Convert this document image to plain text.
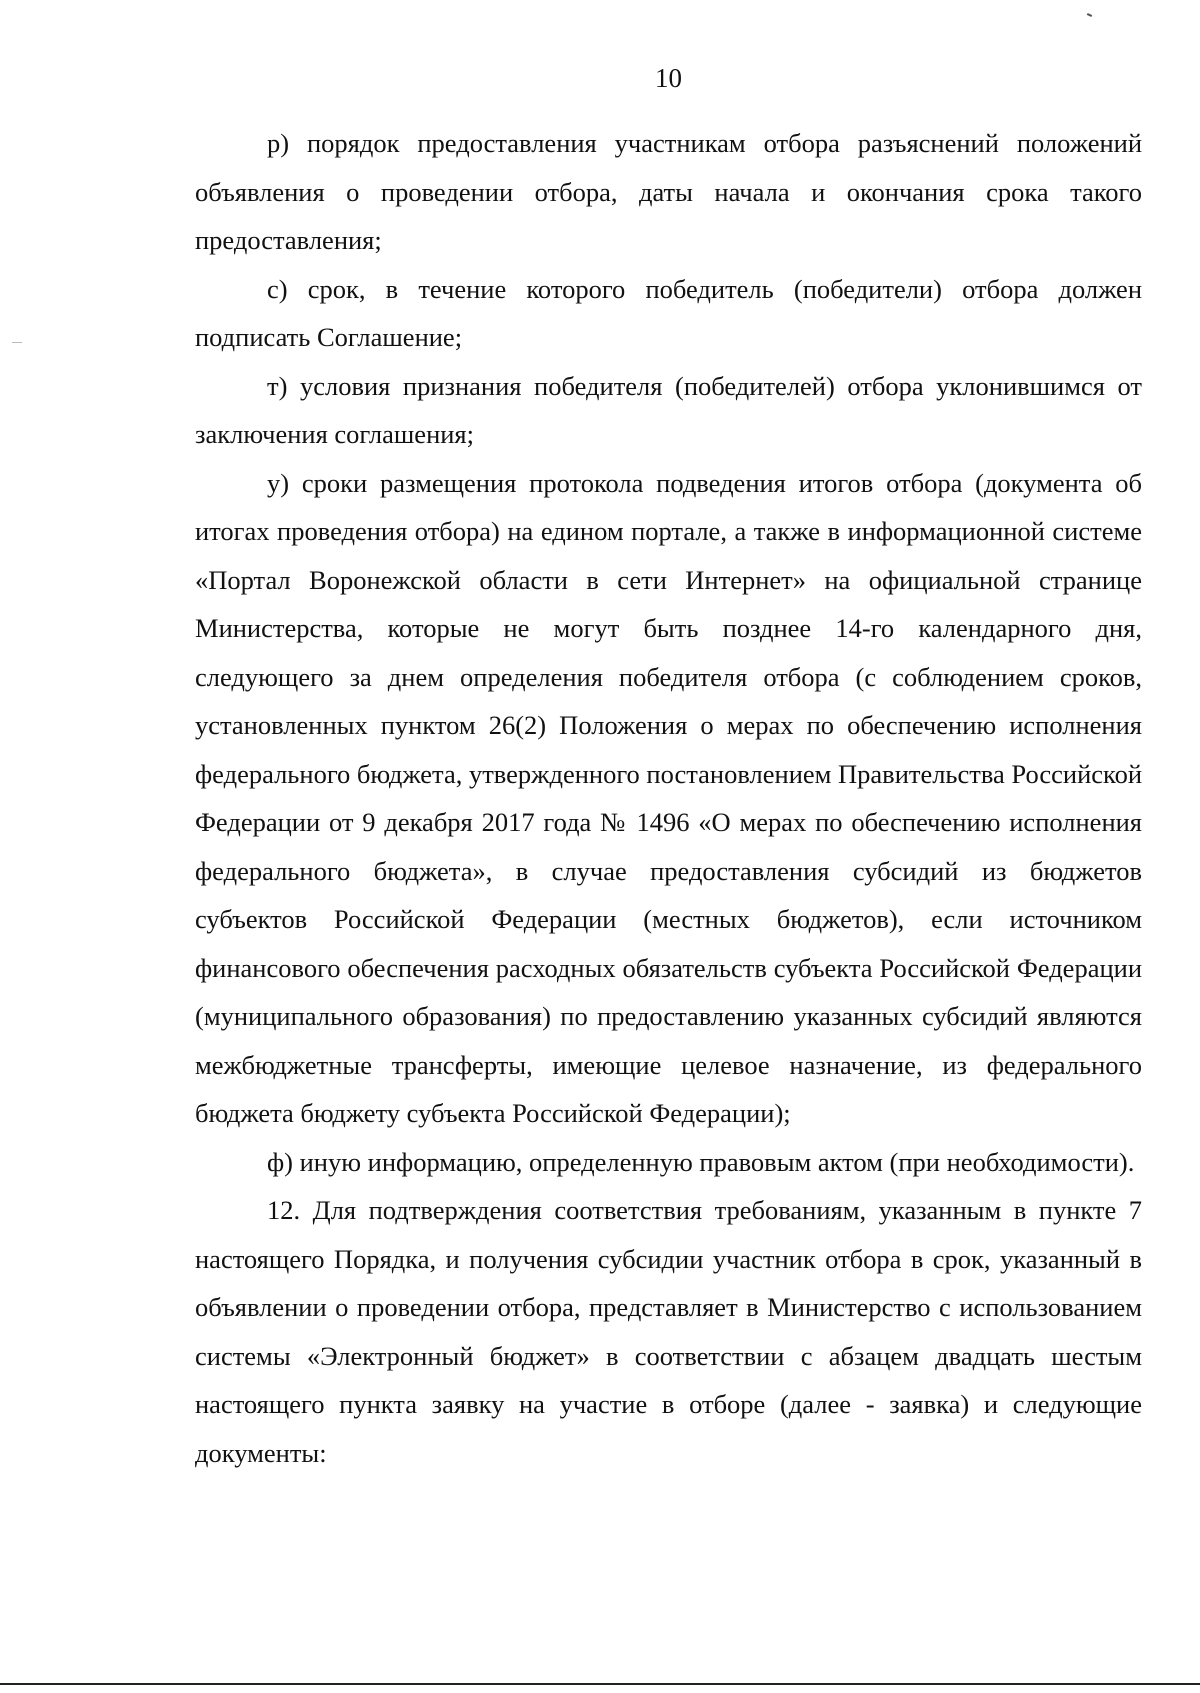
10

р) порядок предоставления участникам отбора разъяснений положений объявления о проведении отбора, даты начала и окончания срока такого предоставления;

с) срок, в течение которого победитель (победители) отбора должен подписать Соглашение;

т) условия признания победителя (победителей) отбора уклонившимся от заключения соглашения;

у) сроки размещения протокола подведения итогов отбора (документа об итогах проведения отбора) на едином портале, а также в информационной системе «Портал Воронежской области в сети Интернет» на официальной странице Министерства, которые не могут быть позднее 14-го календарного дня, следующего за днем определения победителя отбора (с соблюдением сроков, установленных пунктом 26(2) Положения о мерах по обеспечению исполнения федерального бюджета, утвержденного постановлением Правительства Российской Федерации от 9 декабря 2017 года № 1496 «О мерах по обеспечению исполнения федерального бюджета», в случае предоставления субсидий из бюджетов субъектов Российской Федерации (местных бюджетов), если источником финансового обеспечения расходных обязательств субъекта Российской Федерации (муниципального образования) по предоставлению указанных субсидий являются межбюджетные трансферты, имеющие целевое назначение, из федерального бюджета бюджету субъекта Российской Федерации);

ф) иную информацию, определенную правовым актом (при необходимости).

12. Для подтверждения соответствия требованиям, указанным в пункте 7 настоящего Порядка, и получения субсидии участник отбора в срок, указанный в объявлении о проведении отбора, представляет в Министерство с использованием системы «Электронный бюджет» в соответствии с абзацем двадцать шестым настоящего пункта заявку на участие в отборе (далее - заявка) и следующие документы:
